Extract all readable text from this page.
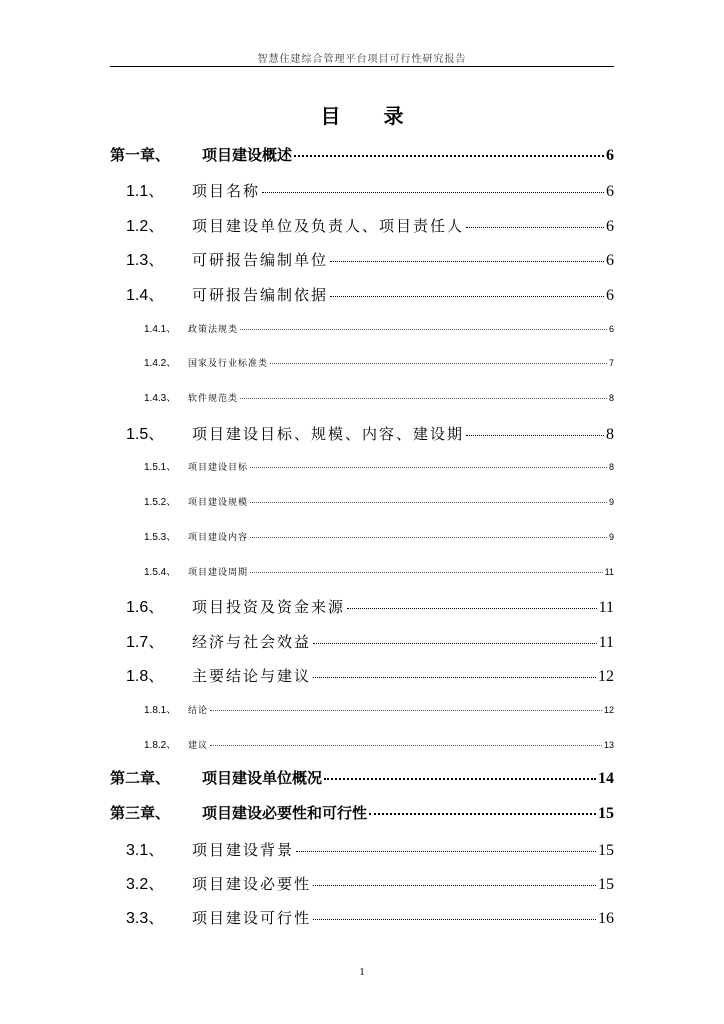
智慧住建综合管理平台项目可行性研究报告
目 录
第一章、	项目建设概述	6
1.1、	项目名称	6
1.2、	项目建设单位及负责人、项目责任人	6
1.3、	可研报告编制单位	6
1.4、	可研报告编制依据	6
1.4.1、	政策法规类	6
1.4.2、	国家及行业标准类	7
1.4.3、	软件规范类	8
1.5、	项目建设目标、规模、内容、建设期	8
1.5.1、	项目建设目标	8
1.5.2、	项目建设规模	9
1.5.3、	项目建设内容	9
1.5.4、	项目建设周期	11
1.6、	项目投资及资金来源	11
1.7、	经济与社会效益	11
1.8、	主要结论与建议	12
1.8.1、	结论	12
1.8.2、	建议	13
第二章、	项目建设单位概况	14
第三章、	项目建设必要性和可行性	15
3.1、	项目建设背景	15
3.2、	项目建设必要性	15
3.3、	项目建设可行性	16
1
